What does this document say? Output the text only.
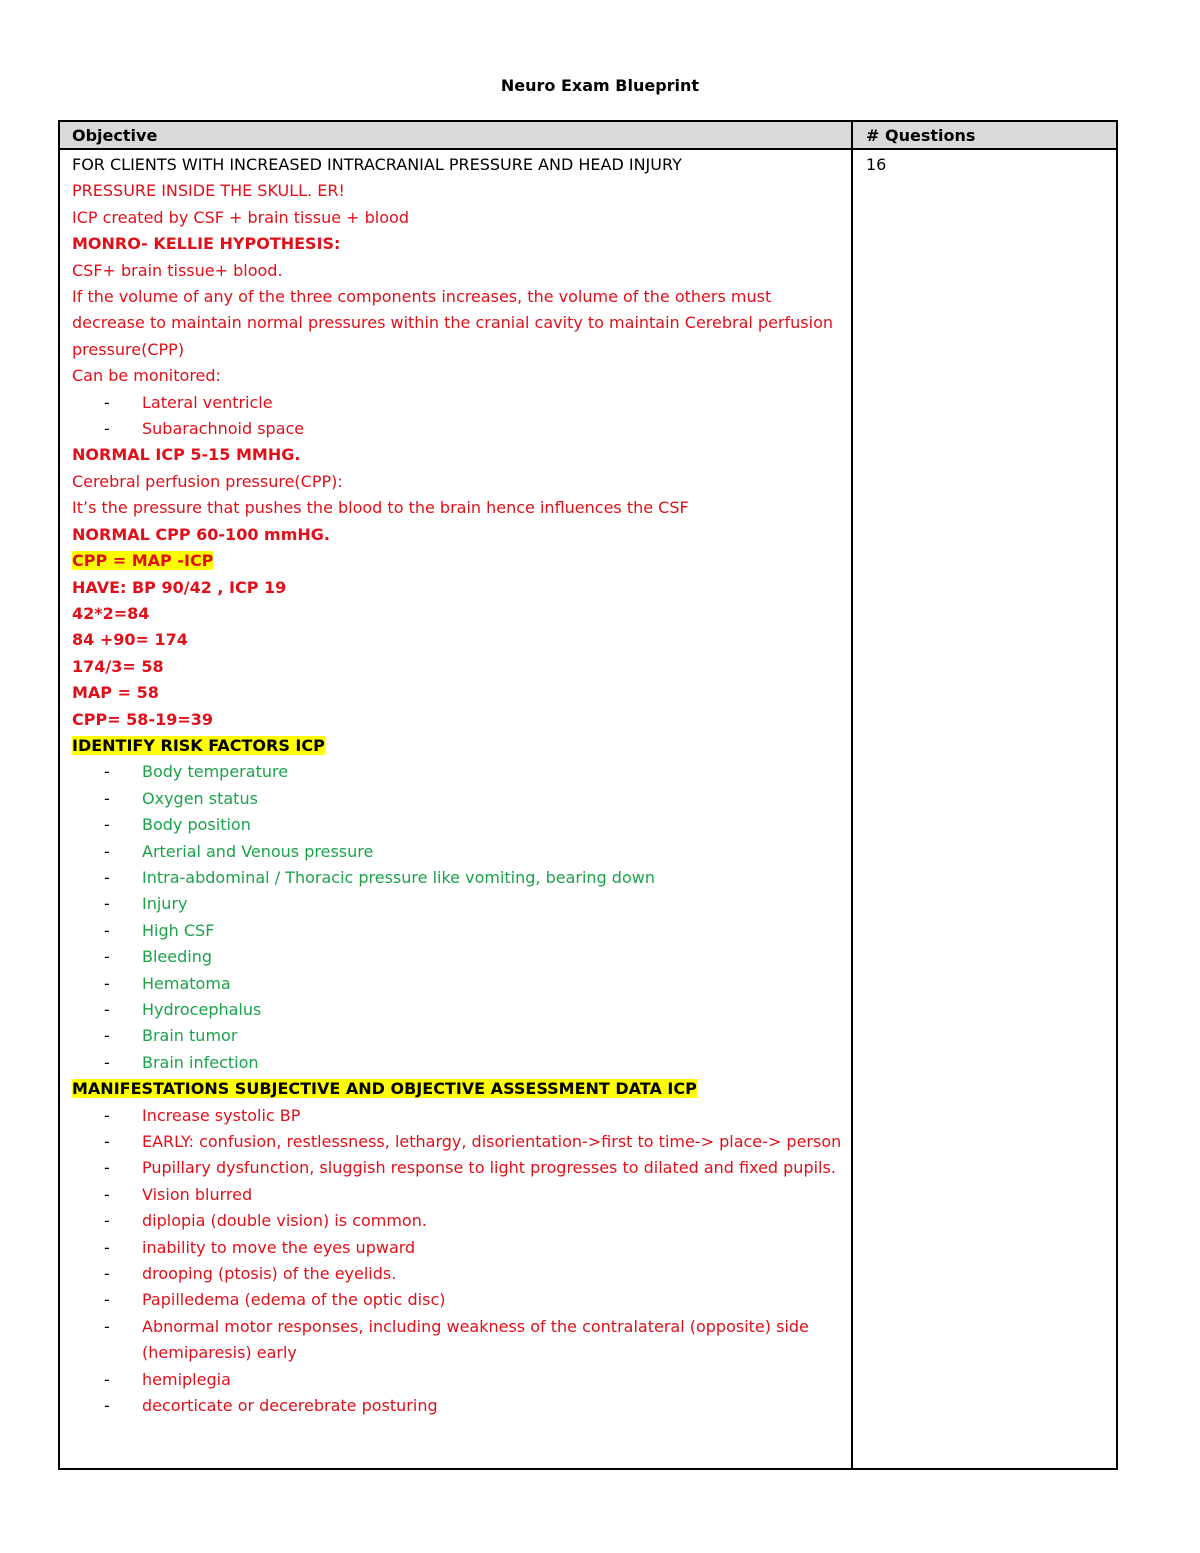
Neuro Exam Blueprint
Objective	# Questions
FOR CLIENTS WITH INCREASED INTRACRANIAL PRESSURE AND HEAD INJURY
PRESSURE INSIDE THE SKULL. ER!
ICP created by CSF + brain tissue + blood
MONRO- KELLIE HYPOTHESIS:
CSF+ brain tissue+ blood.
If the volume of any of the three components increases, the volume of the others must decrease to maintain normal pressures within the cranial cavity to maintain Cerebral perfusion pressure(CPP)
Can be monitored:
- Lateral ventricle
- Subarachnoid space
NORMAL ICP 5-15 MMHG.
Cerebral perfusion pressure(CPP):
It’s the pressure that pushes the blood to the brain hence influences the CSF
NORMAL CPP 60-100 mmHG.
CPP = MAP -ICP
HAVE: BP 90/42 , ICP 19
42*2=84
84 +90= 174
174/3= 58
MAP = 58
CPP= 58-19=39
IDENTIFY RISK FACTORS ICP
- Body temperature
- Oxygen status
- Body position
- Arterial and Venous pressure
- Intra-abdominal / Thoracic pressure like vomiting, bearing down
- Injury
- High CSF
- Bleeding
- Hematoma
- Hydrocephalus
- Brain tumor
- Brain infection
MANIFESTATIONS SUBJECTIVE AND OBJECTIVE ASSESSMENT DATA ICP
- Increase systolic BP
- EARLY: confusion, restlessness, lethargy, disorientation->first to time-> place-> person
- Pupillary dysfunction, sluggish response to light progresses to dilated and fixed pupils.
- Vision blurred
- diplopia (double vision) is common.
- inability to move the eyes upward
- drooping (ptosis) of the eyelids.
- Papilledema (edema of the optic disc)
- Abnormal motor responses, including weakness of the contralateral (opposite) side (hemiparesis) early
- hemiplegia
- decorticate or decerebrate posturing
16
